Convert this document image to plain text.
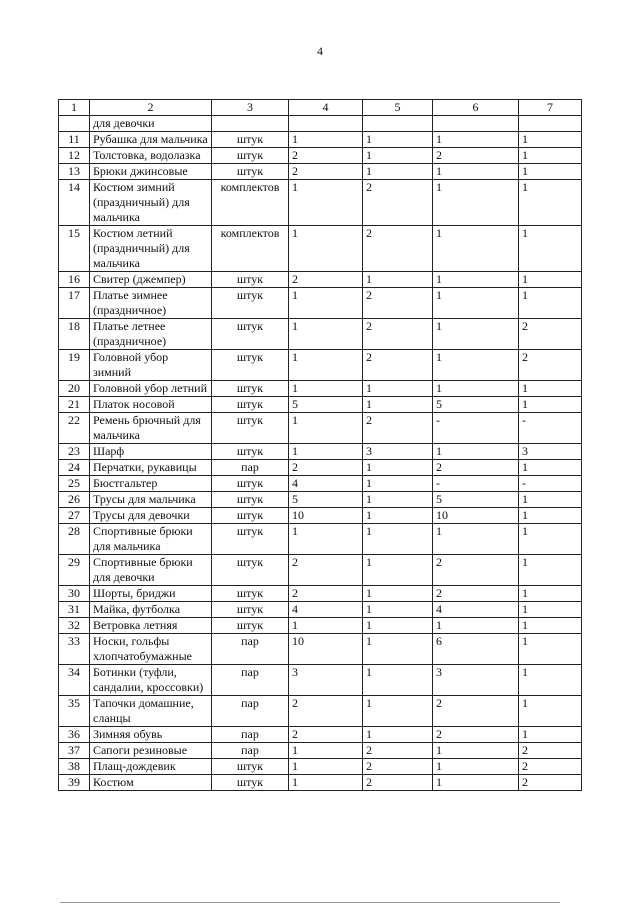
4
1	2	3	4	5	6	7
	для девочки					
11	Рубашка для мальчика	штук	1	1	1	1
12	Толстовка, водолазка	штук	2	1	2	1
13	Брюки джинсовые	штук	2	1	1	1
14	Костюм зимний (праздничный) для мальчика	комплектов	1	2	1	1
15	Костюм летний (праздничный) для мальчика	комплектов	1	2	1	1
16	Свитер (джемпер)	штук	2	1	1	1
17	Платье зимнее (праздничное)	штук	1	2	1	1
18	Платье летнее (праздничное)	штук	1	2	1	2
19	Головной убор зимний	штук	1	2	1	2
20	Головной убор летний	штук	1	1	1	1
21	Платок носовой	штук	5	1	5	1
22	Ремень брючный для мальчика	штук	1	2	-	-
23	Шарф	штук	1	3	1	3
24	Перчатки, рукавицы	пар	2	1	2	1
25	Бюстгальтер	штук	4	1	-	-
26	Трусы для мальчика	штук	5	1	5	1
27	Трусы для девочки	штук	10	1	10	1
28	Спортивные брюки для мальчика	штук	1	1	1	1
29	Спортивные брюки для девочки	штук	2	1	2	1
30	Шорты, бриджи	штук	2	1	2	1
31	Майка, футболка	штук	4	1	4	1
32	Ветровка летняя	штук	1	1	1	1
33	Носки, гольфы хлопчатобумажные	пар	10	1	6	1
34	Ботинки (туфли, сандалии, кроссовки)	пар	3	1	3	1
35	Тапочки домашние, сланцы	пар	2	1	2	1
36	Зимняя обувь	пар	2	1	2	1
37	Сапоги резиновые	пар	1	2	1	2
38	Плащ-дождевик	штук	1	2	1	2
39	Костюм	штук	1	2	1	2
